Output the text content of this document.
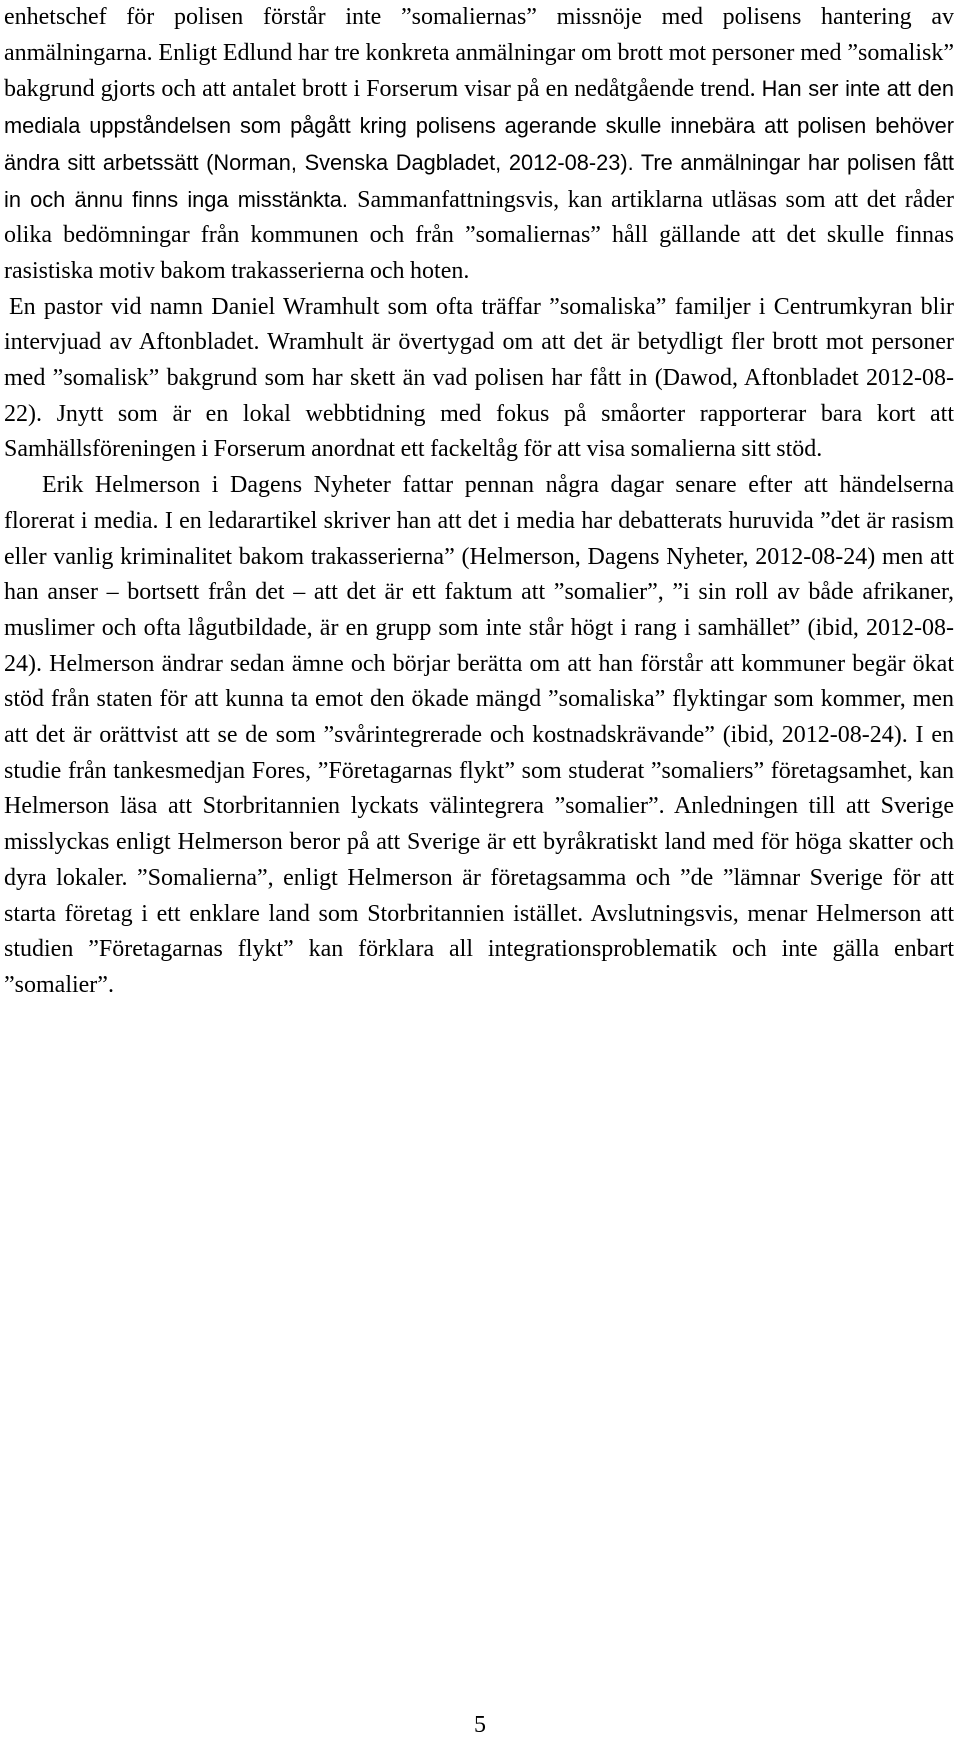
enhetschef för polisen förstår inte ”somaliernas” missnöje med polisens hantering av anmälningarna. Enligt Edlund har tre konkreta anmälningar om brott mot personer med ”somalisk” bakgrund gjorts och att antalet brott i Forserum visar på en nedåtgående trend. Han ser inte att den mediala uppståndelsen som pågått kring polisens agerande skulle innebära att polisen behöver ändra sitt arbetssätt (Norman, Svenska Dagbladet, 2012-08-23). Tre anmälningar har polisen fått in och ännu finns inga misstänkta. Sammanfattningsvis, kan artiklarna utläsas som att det råder olika bedömningar från kommunen och från ”somaliernas” håll gällande att det skulle finnas rasistiska motiv bakom trakasserierna och hoten.

En pastor vid namn Daniel Wramhult som ofta träffar ”somaliska” familjer i Centrumkyran blir intervjuad av Aftonbladet. Wramhult är övertygad om att det är betydligt fler brott mot personer med ”somalisk” bakgrund som har skett än vad polisen har fått in (Dawod, Aftonbladet 2012-08-22). Jnytt som är en lokal webbtidning med fokus på småorter rapporterar bara kort att Samhällsföreningen i Forserum anordnat ett fackeltåg för att visa somalierna sitt stöd.

Erik Helmerson i Dagens Nyheter fattar pennan några dagar senare efter att händelserna florerat i media. I en ledarartikel skriver han att det i media har debatterats huruvida ”det är rasism eller vanlig kriminalitet bakom trakasserierna” (Helmerson, Dagens Nyheter, 2012-08-24) men att han anser – bortsett från det – att det är ett faktum att ”somalier”, ”i sin roll av både afrikaner, muslimer och ofta lågutbildade, är en grupp som inte står högt i rang i samhället” (ibid, 2012-08-24). Helmerson ändrar sedan ämne och börjar berätta om att han förstår att kommuner begär ökat stöd från staten för att kunna ta emot den ökade mängd ”somaliska” flyktingar som kommer, men att det är orättvist att se de som ”svårintegrerade och kostnadskrävande” (ibid, 2012-08-24). I en studie från tankesmedjan Fores, ”Företagarnas flykt” som studerat ”somaliers” företagsamhet, kan Helmerson läsa att Storbritannien lyckats välintegrera ”somalier”. Anledningen till att Sverige misslyckas enligt Helmerson beror på att Sverige är ett byråkratiskt land med för höga skatter och dyra lokaler. ”Somalierna”, enligt Helmerson är företagsamma och ”de ”lämnar Sverige för att starta företag i ett enklare land som Storbritannien istället. Avslutningsvis, menar Helmerson att studien ”Företagarnas flykt” kan förklara all integrationsproblematik och inte gälla enbart ”somalier”.

5
